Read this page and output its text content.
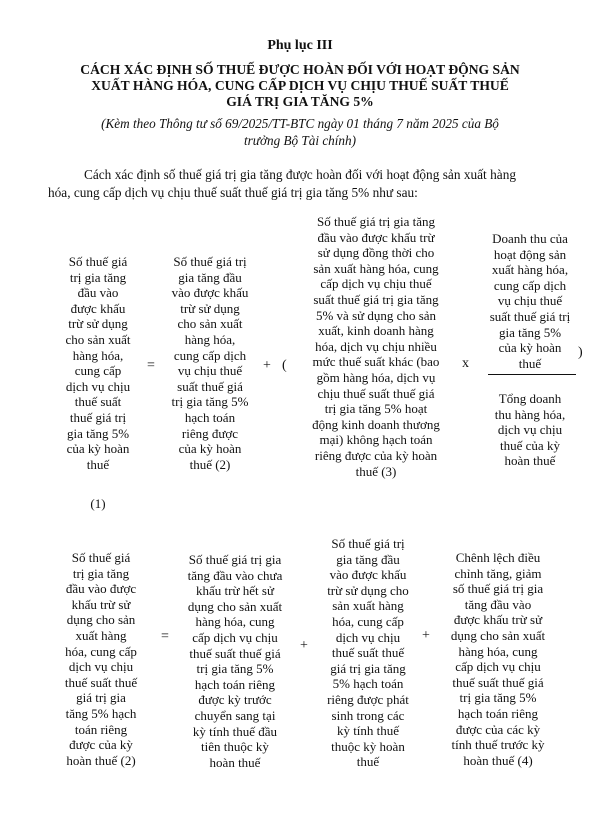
Phụ lục III
CÁCH XÁC ĐỊNH SỐ THUẾ ĐƯỢC HOÀN ĐỐI VỚI HOẠT ĐỘNG SẢN
XUẤT HÀNG HÓA, CUNG CẤP DỊCH VỤ CHỊU THUẾ SUẤT THUẾ
GIÁ TRỊ GIA TĂNG 5%
(Kèm theo Thông tư số 69/2025/TT-BTC ngày 01 tháng 7 năm 2025 của Bộ
trưởng Bộ Tài chính)
Cách xác định số thuế giá trị gia tăng được hoàn đối với hoạt động sản xuất hàng hóa, cung cấp dịch vụ chịu thuế suất thuế giá trị gia tăng 5% như sau:
Số thuế giá
trị gia tăng
đầu vào
được khấu
trừ sử dụng
cho sản xuất
hàng hóa,
cung cấp
dịch vụ chịu
thuế suất
thuế giá trị
gia tăng 5%
của kỳ hoàn
thuế
(1)
=
Số thuế giá trị
gia tăng đầu
vào được khấu
trừ sử dụng
cho sản xuất
hàng hóa,
cung cấp dịch
vụ chịu thuế
suất thuế giá
trị gia tăng 5%
hạch toán
riêng được
của kỳ hoàn
thuế (2)
+ (
Số thuế giá trị gia tăng
đầu vào được khấu trừ
sử dụng đồng thời cho
sản xuất hàng hóa, cung
cấp dịch vụ chịu thuế
suất thuế giá trị gia tăng
5% và sử dụng cho sản
xuất, kinh doanh hàng
hóa, dịch vụ chịu nhiều
mức thuế suất khác (bao
gồm hàng hóa, dịch vụ
chịu thuế suất thuế giá
trị gia tăng 5% hoạt
động kinh doanh thương
mại) không hạch toán
riêng được của kỳ hoàn
thuế (3)
x
Doanh thu của
hoạt động sản
xuất hàng hóa,
cung cấp dịch
vụ chịu thuế
suất thuế giá trị
gia tăng 5%
của kỳ hoàn
thuế
Tổng doanh
thu hàng hóa,
dịch vụ chịu
thuế của kỳ
hoàn thuế
)
Số thuế giá
trị gia tăng
đầu vào được
khấu trừ sử
dụng cho sản
xuất hàng
hóa, cung cấp
dịch vụ chịu
thuế suất thuế
giá trị gia
tăng 5% hạch
toán riêng
được của kỳ
hoàn thuế (2)
=
Số thuế giá trị gia
tăng đầu vào chưa
khấu trừ hết sử
dụng cho sản xuất
hàng hóa, cung
cấp dịch vụ chịu
thuế suất thuế giá
trị gia tăng 5%
hạch toán riêng
được kỳ trước
chuyển sang tại
kỳ tính thuế đầu
tiên thuộc kỳ
hoàn thuế
+
Số thuế giá trị
gia tăng đầu
vào được khấu
trừ sử dụng cho
sản xuất hàng
hóa, cung cấp
dịch vụ chịu
thuế suất thuế
giá trị gia tăng
5% hạch toán
riêng được phát
sinh trong các
kỳ tính thuế
thuộc kỳ hoàn
thuế
+
Chênh lệch điều
chỉnh tăng, giảm
số thuế giá trị gia
tăng đầu vào
được khấu trừ sử
dụng cho sản xuất
hàng hóa, cung
cấp dịch vụ chịu
thuế suất thuế giá
trị gia tăng 5%
hạch toán riêng
được của các kỳ
tính thuế trước kỳ
hoàn thuế (4)
